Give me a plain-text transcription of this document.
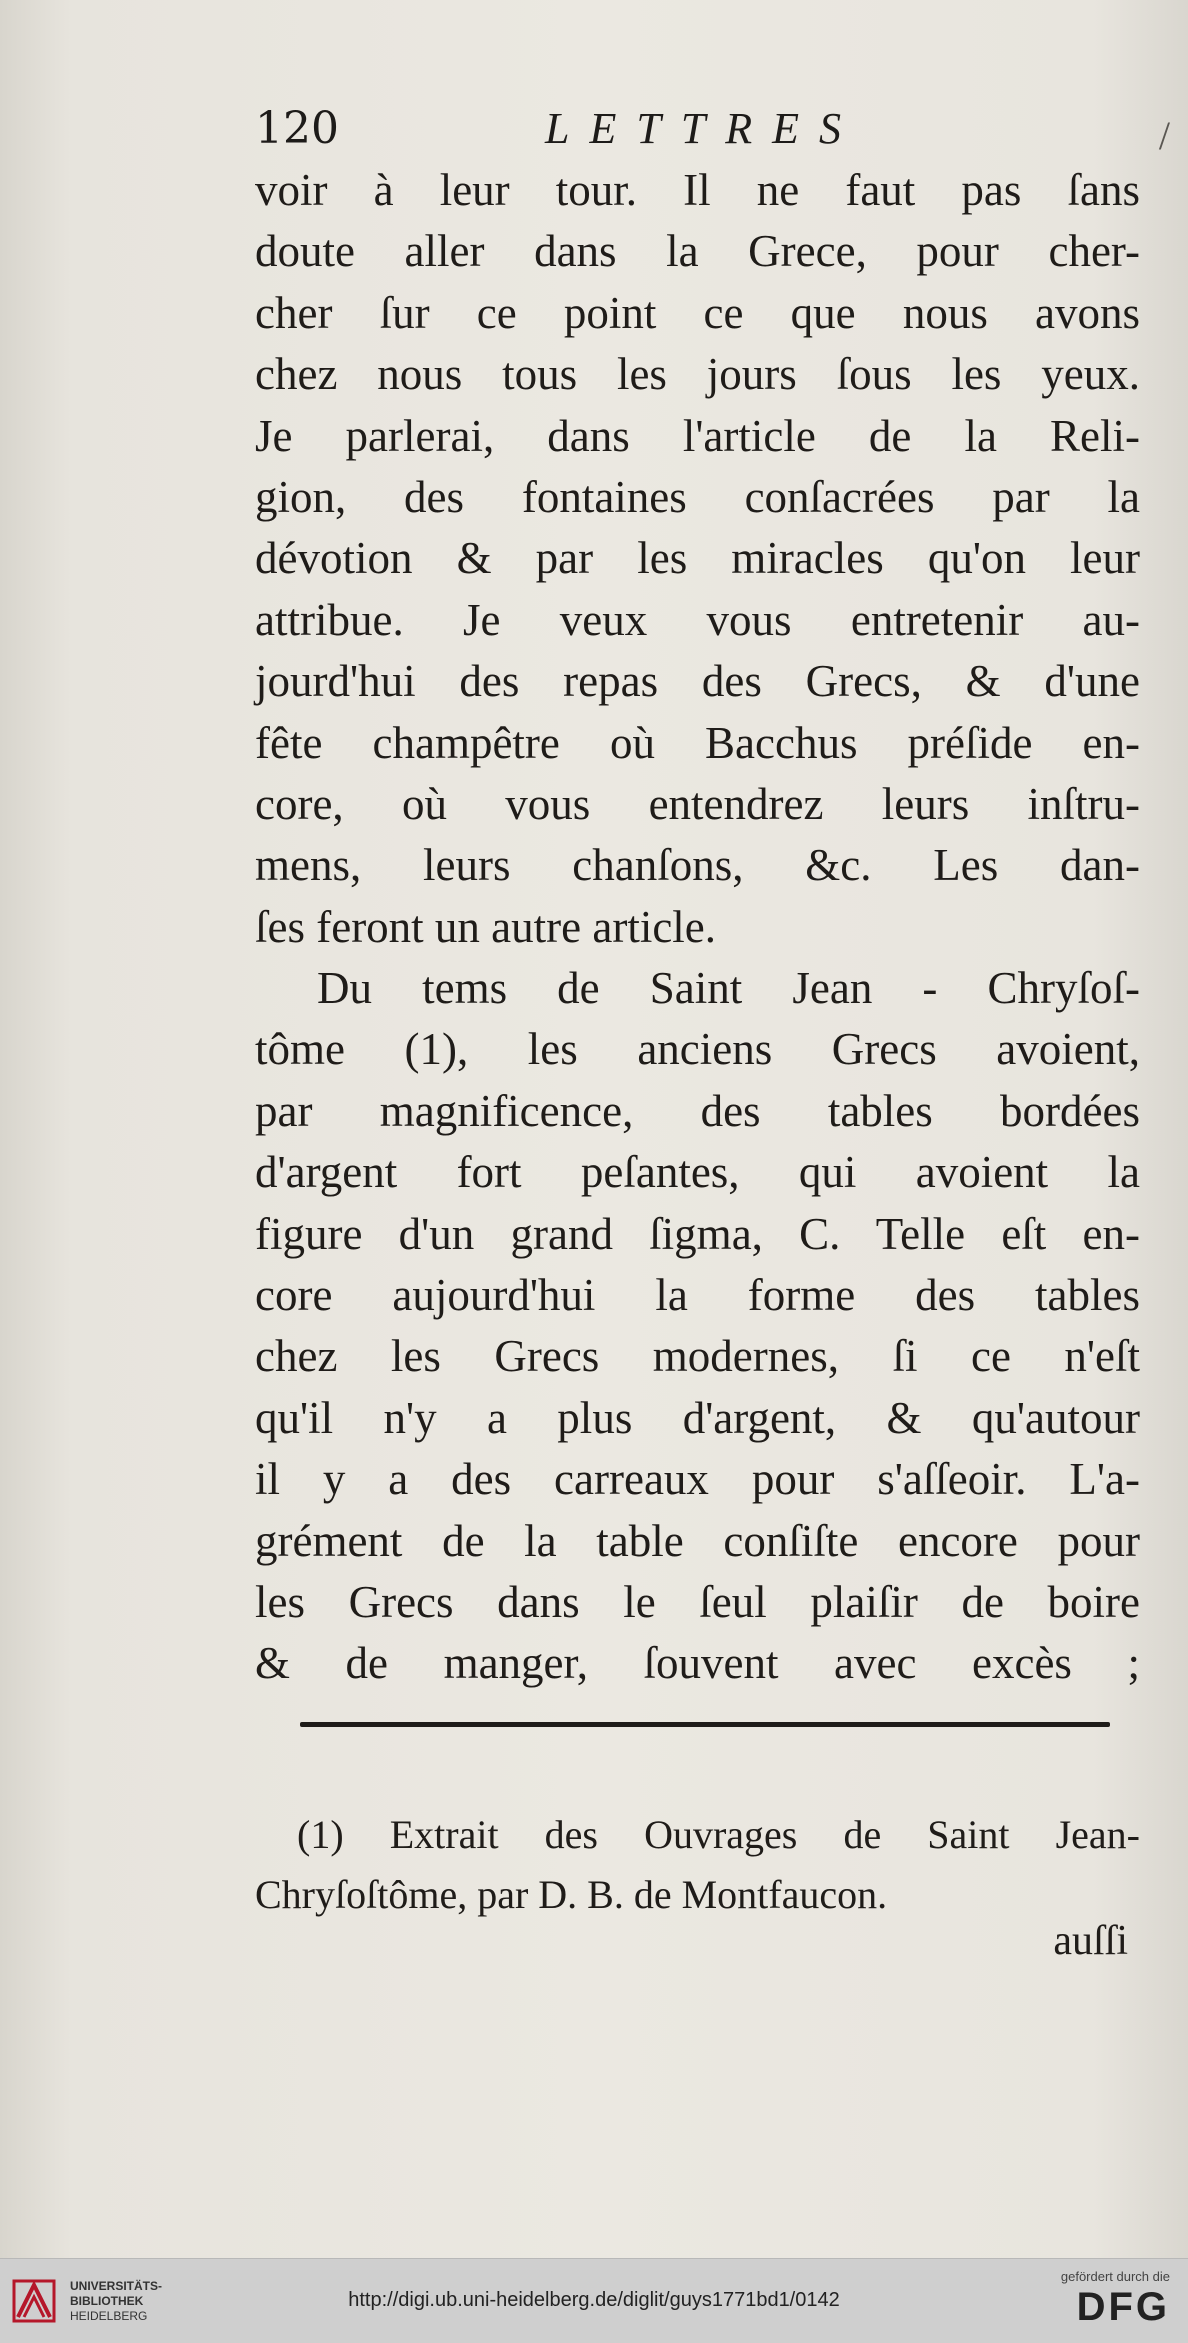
120	LETTRES	/
voir à leur tour. Il ne faut pas ſans
doute aller dans la Grece, pour cher-
cher ſur ce point ce que nous avons
chez nous tous les jours ſous les yeux.
Je parlerai, dans l'article de la Reli-
gion, des fontaines conſacrées par la
dévotion & par les miracles qu'on leur
attribue. Je veux vous entretenir au-
jourd'hui des repas des Grecs, & d'une
fête champêtre où Bacchus préſide en-
core, où vous entendrez leurs inſtru-
mens, leurs chanſons, &c. Les dan-
ſes feront un autre article.
Du tems de Saint Jean - Chryſoſ-
tôme (1), les anciens Grecs avoient,
par magnificence, des tables bordées
d'argent fort peſantes, qui avoient la
figure d'un grand ſigma, C. Telle eſt en-
core aujourd'hui la forme des tables
chez les Grecs modernes, ſi ce n'eſt
qu'il n'y a plus d'argent, & qu'autour
il y a des carreaux pour s'aſſeoir. L'a-
grément de la table conſiſte encore pour
les Grecs dans le ſeul plaiſir de boire
& de manger, ſouvent avec excès ;
(1) Extrait des Ouvrages de Saint Jean-
Chryſoſtôme, par D. B. de Montfaucon.
auſſi
UNIVERSITÄTS-
BIBLIOTHEK
HEIDELBERG
http://digi.ub.uni-heidelberg.de/diglit/guys1771bd1/0142
gefördert durch die
DFG
